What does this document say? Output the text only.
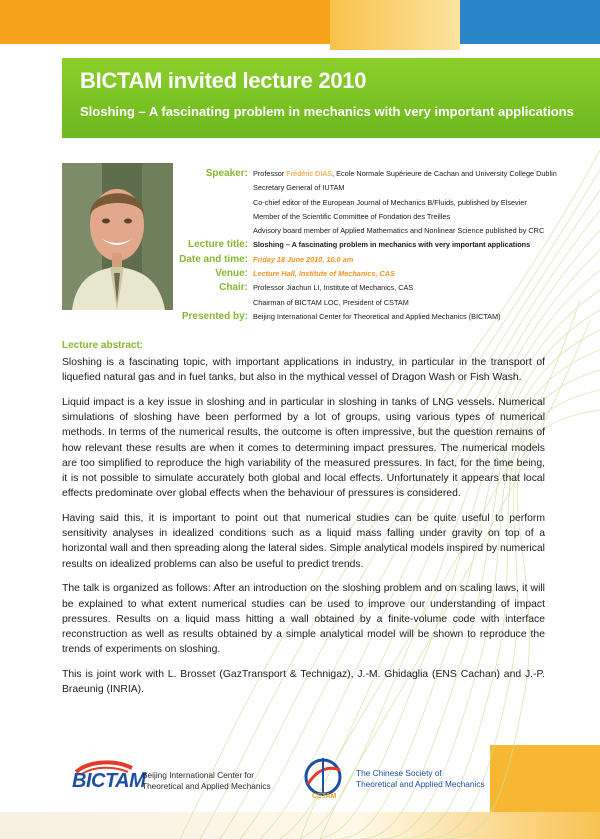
BICTAM invited lecture 2010
Sloshing – A fascinating problem in mechanics with very important applications
Speaker: Professor Frédéric DIAS, Ecole Normale Supérieure de Cachan and University College Dublin
Secretary General of IUTAM
Co-chief editor of the European Journal of Mechanics B/Fluids, published by Elsevier
Member of the Scientific Committee of Fondation des Treilles
Advisory board member of Applied Mathematics and Nonlinear Science published by CRC
Lecture title: Sloshing – A fascinating problem in mechanics with very important applications
Date and time: Friday 18 June 2010, 10.0 am
Venue: Lecture Hall, Institute of Mechanics, CAS
Chair: Professor Jiachun LI, Institute of Mechanics, CAS
Chairman of BICTAM LOC, President of CSTAM
Presented by: Beijing International Center for Theoretical and Applied Mechanics (BICTAM)
Lecture abstract:

Sloshing is a fascinating topic, with important applications in industry, in particular in the transport of liquefied natural gas and in fuel tanks, but also in the mythical vessel of Dragon Wash or Fish Wash.

Liquid impact is a key issue in sloshing and in particular in sloshing in tanks of LNG vessels. Numerical simulations of sloshing have been performed by a lot of groups, using various types of numerical methods. In terms of the numerical results, the outcome is often impressive, but the question remains of how relevant these results are when it comes to determining impact pressures. The numerical models are too simplified to reproduce the high variability of the measured pressures. In fact, for the time being, it is not possible to simulate accurately both global and local effects. Unfortunately it appears that local effects predominate over global effects when the behaviour of pressures is considered.

Having said this, it is important to point out that numerical studies can be quite useful to perform sensitivity analyses in idealized conditions such as a liquid mass falling under gravity on top of a horizontal wall and then spreading along the lateral sides. Simple analytical models inspired by numerical results on idealized problems can also be useful to predict trends.

The talk is organized as follows: After an introduction on the sloshing problem and on scaling laws, it will be explained to what extent numerical studies can be used to improve our understanding of impact pressures. Results on a liquid mass hitting a wall obtained by a finite-volume code with interface reconstruction as well as results obtained by a simple analytical model will be shown to reproduce the trends of experiments on sloshing.

This is joint work with L. Brosset (GazTransport & Technigaz), J.-M. Ghidaglia (ENS Cachan) and J.-P. Braeunig (INRIA).

BICTAM
Beijing International Center for
Theoretical and Applied Mechanics
CSTAM
The Chinese Society of
Theoretical and Applied Mechanics
